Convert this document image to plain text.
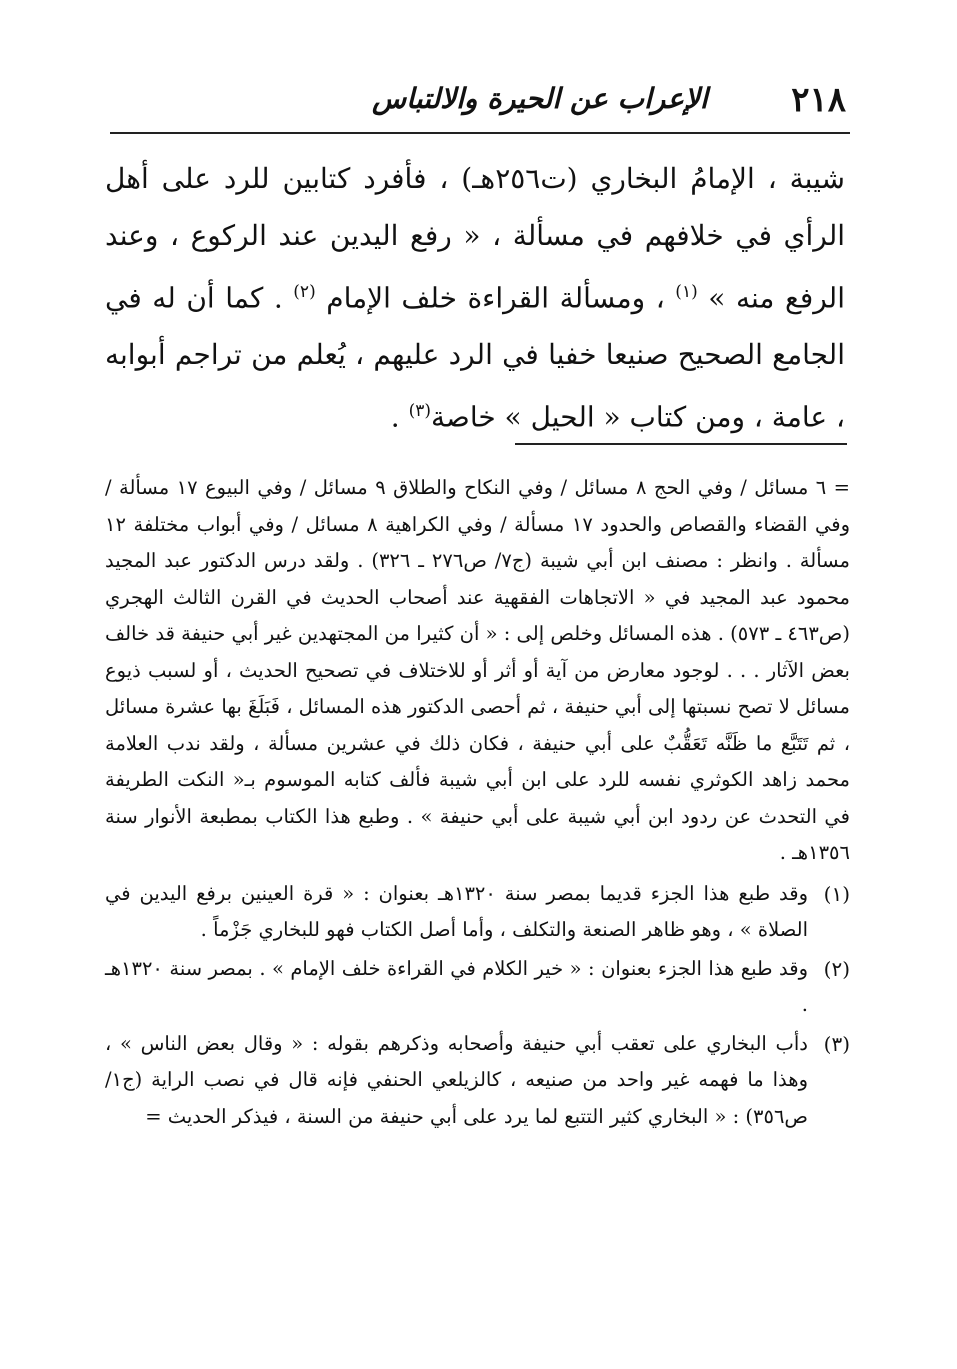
٢١٨
الإعراب عن الحيرة والالتباس

شيبة ، الإمامُ البخاري (ت٢٥٦هـ) ، فأفرد كتابين للرد على أهل الرأي في خلافهم في مسألة ، « رفع اليدين عند الركوع ، وعند الرفع منه » $^{(١)}$ ، ومسألة القراءة خلف الإمام $^{(٢)}$ . كما أن له في الجامع الصحيح صنيعا خفيا في الرد عليهم ، يُعلم من تراجم أبوابه ، عامة ، ومن كتاب « الحيل » خاصة$^{(٣)}$ .

= ٦ مسائل / وفي الحج ٨ مسائل / وفي النكاح والطلاق ٩ مسائل / وفي البيوع ١٧ مسألة / وفي القضاء والقصاص والحدود ١٧ مسألة / وفي الكراهية ٨ مسائل / وفي أبواب مختلفة ١٢ مسألة . وانظر : مصنف ابن أبي شيبة (ج٧/ ص٢٧٦ ـ ٣٢٦) . ولقد درس الدكتور عبد المجيد محمود عبد المجيد في « الاتجاهات الفقهية عند أصحاب الحديث في القرن الثالث الهجري (ص٤٦٣ ـ ٥٧٣) . هذه المسائل وخلص إلى : « أن كثيرا من المجتهدين غير أبي حنيفة قد خالف بعض الآثار . . . لوجود معارض من آية أو أثر أو للاختلاف في تصحيح الحديث ، أو لسبب ذيوع مسائل لا تصح نسبتها إلى أبي حنيفة ، ثم أحصى الدكتور هذه المسائل ، فَبَلَغَ بها عشرة مسائل ، ثم تَتَبَّع ما ظَنَّه تَعَقُّبٌ على أبي حنيفة ، فكان ذلك في عشرين مسألة ، ولقد ندب العلامة محمد زاهد الكوثري نفسه للرد على ابن أبي شيبة فألف كتابه الموسوم بـ« النكت الطريفة في التحدث عن ردود ابن أبي شيبة على أبي حنيفة » . وطبع هذا الكتاب بمطبعة الأنوار سنة ١٣٥٦هـ .

(١)
وقد طبع هذا الجزء قديما بمصر سنة ١٣٢٠هـ بعنوان : « قرة العينين برفع اليدين في الصلاة » ، وهو ظاهر الصنعة والتكلف ، وأما أصل الكتاب فهو للبخاري جَزْماً .
(٢)
وقد طبع هذا الجزء بعنوان : « خير الكلام في القراءة خلف الإمام » . بمصر سنة ١٣٢٠هـ .
(٣)
دأب البخاري على تعقب أبي حنيفة وأصحابه وذكرهم بقوله : « وقال بعض الناس » ، وهذا ما فهمه غير واحد من صنيعه ، كالزيلعي الحنفي فإنه قال في نصب الراية (ج١/ ص٣٥٦) : « البخاري كثير التتبع لما يرد على أبي حنيفة من السنة ، فيذكر الحديث =
